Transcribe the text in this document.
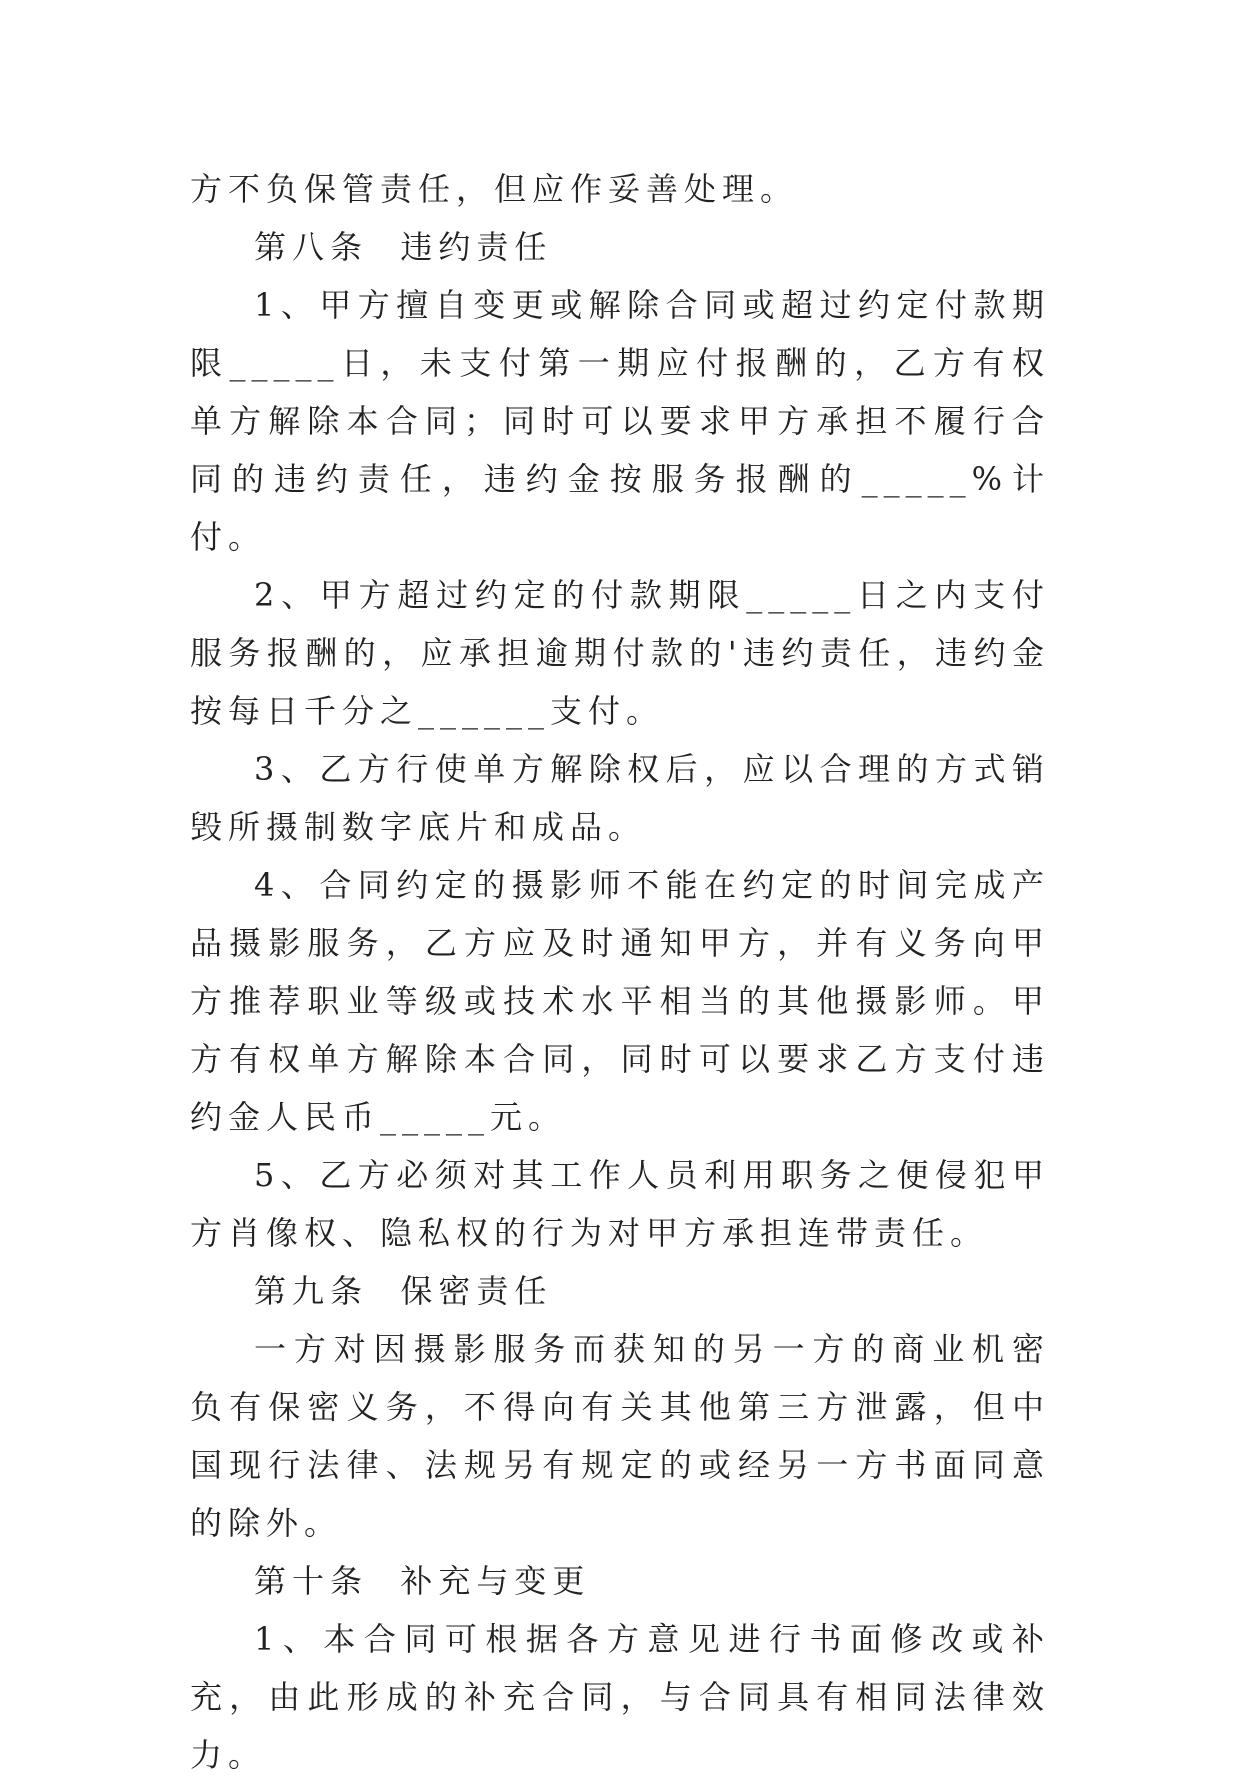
方不负保管责任，但应作妥善处理。

第八条  违约责任

1、甲方擅自变更或解除合同或超过约定付款期限_____日，未支付第一期应付报酬的，乙方有权单方解除本合同；同时可以要求甲方承担不履行合同的违约责任，违约金按服务报酬的_____%计付。

2、甲方超过约定的付款期限_____日之内支付服务报酬的，应承担逾期付款的'违约责任，违约金按每日千分之______支付。

3、乙方行使单方解除权后，应以合理的方式销毁所摄制数字底片和成品。

4、合同约定的摄影师不能在约定的时间完成产品摄影服务，乙方应及时通知甲方，并有义务向甲方推荐职业等级或技术水平相当的其他摄影师。甲方有权单方解除本合同，同时可以要求乙方支付违约金人民币_____元。

5、乙方必须对其工作人员利用职务之便侵犯甲方肖像权、隐私权的行为对甲方承担连带责任。

第九条  保密责任

一方对因摄影服务而获知的另一方的商业机密负有保密义务，不得向有关其他第三方泄露，但中国现行法律、法规另有规定的或经另一方书面同意的除外。

第十条  补充与变更

1、本合同可根据各方意见进行书面修改或补充，由此形成的补充合同，与合同具有相同法律效力。
